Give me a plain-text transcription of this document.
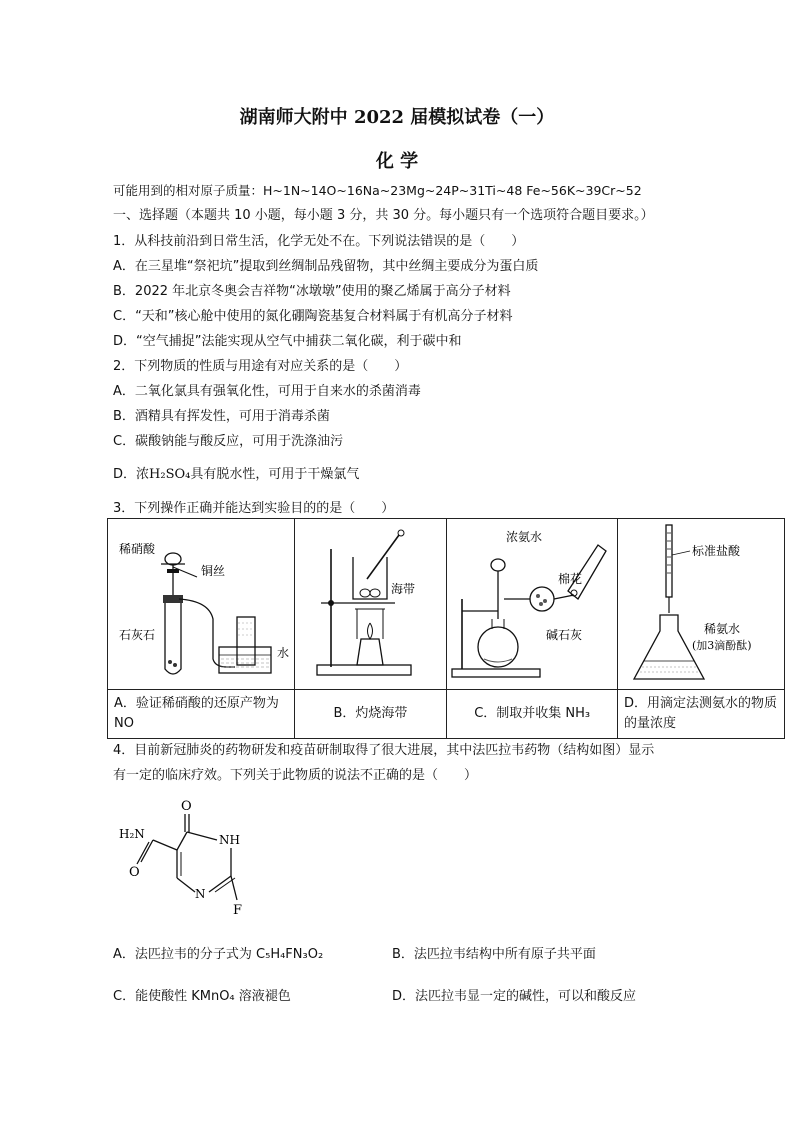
湖南师大附中 2022 届模拟试卷（一）
化 学
可能用到的相对原子质量：H~1N~14O~16Na~23Mg~24P~31Ti~48 Fe~56K~39Cr~52
一、选择题（本题共 10 小题，每小题 3 分，共 30 分。每小题只有一个选项符合题目要求。）
1．从科技前沿到日常生活，化学无处不在。下列说法错误的是（　　）
A．在三星堆“祭祀坑”提取到丝绸制品残留物，其中丝绸主要成分为蛋白质
B．2022 年北京冬奥会吉祥物“冰墩墩”使用的聚乙烯属于高分子材料
C．“天和”核心舱中使用的氮化硼陶瓷基复合材料属于有机高分子材料
D．“空气捕捉”法能实现从空气中捕获二氧化碳，利于碳中和
2．下列物质的性质与用途有对应关系的是（　　）
A．二氧化氯具有强氧化性，可用于自来水的杀菌消毒
B．酒精具有挥发性，可用于消毒杀菌
C．碳酸钠能与酸反应，可用于洗涤油污
D．浓H₂SO₄具有脱水性，可用于干燥氯气
3．下列操作正确并能达到实验目的的是（　　）
稀硝酸
铜丝
石灰石
水	海带	浓氨水
棉花
碱石灰	标准盐酸
稀氨水
(加3滴酚酞)

A．验证稀硝酸的还原产物为 NO	B．灼烧海带	C．制取并收集 NH₃	D．用滴定法测氨水的物质的量浓度
4．目前新冠肺炎的药物研发和疫苗研制取得了很大进展，其中法匹拉韦药物（结构如图）显示
有一定的临床疗效。下列关于此物质的说法不正确的是（　　）
O
NH
H₂N
O
N
F
A．法匹拉韦的分子式为 C₅H₄FN₃O₂	B．法匹拉韦结构中所有原子共平面
C．能使酸性 KMnO₄ 溶液褪色	D．法匹拉韦显一定的碱性，可以和酸反应
